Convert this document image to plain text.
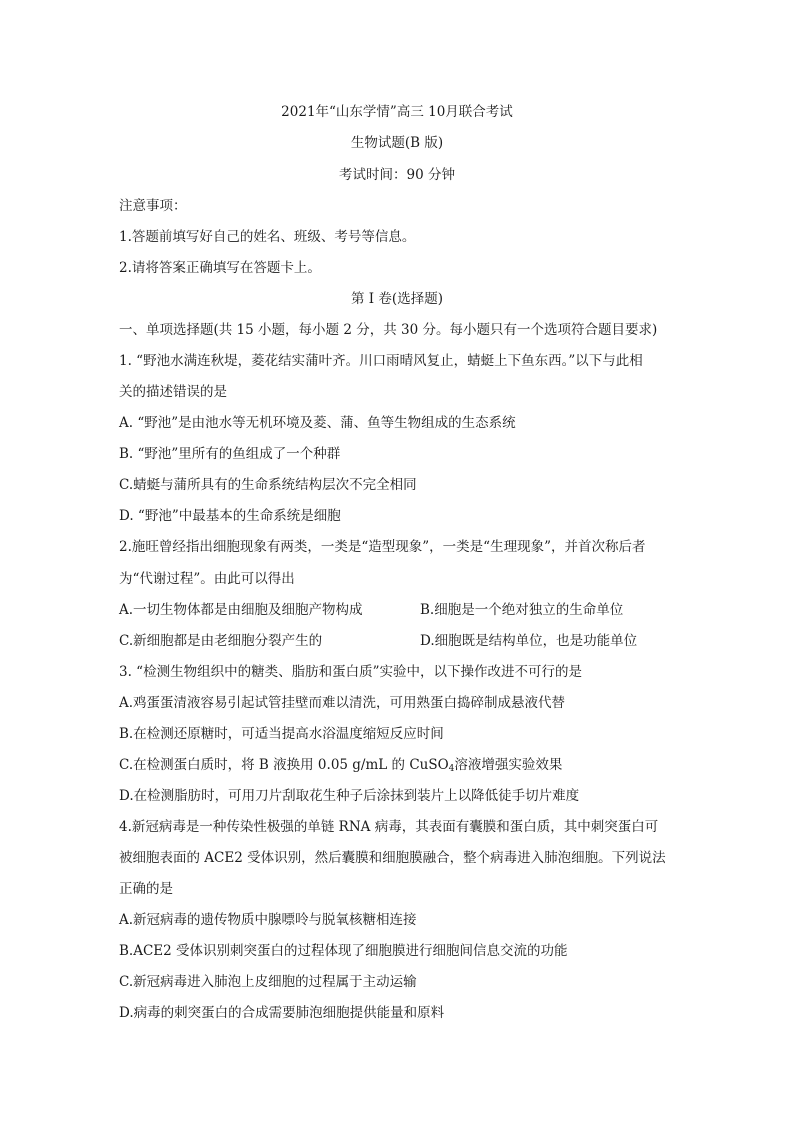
2021年“山东学情”高三 10月联合考试
生物试题(B 版)
考试时间：90 分钟
注意事项：
1.答题前填写好自己的姓名、班级、考号等信息。
2.请将答案正确填写在答题卡上。
第 I 卷(选择题)
一、单项选择题(共 15 小题，每小题 2 分，共 30 分。每小题只有一个选项符合题目要求)
1. “野池水满连秋堤，菱花结实蒲叶齐。川口雨晴风复止，蜻蜓上下鱼东西。”以下与此相
关的描述错误的是
A. “野池”是由池水等无机环境及菱、蒲、鱼等生物组成的生态系统
B. “野池”里所有的鱼组成了一个种群
C.蜻蜓与蒲所具有的生命系统结构层次不完全相同
D. “野池”中最基本的生命系统是细胞
2.施旺曾经指出细胞现象有两类，一类是“造型现象”，一类是“生理现象”，并首次称后者
为“代谢过程”。由此可以得出
A.一切生物体都是由细胞及细胞产物构成	B.细胞是一个绝对独立的生命单位
C.新细胞都是由老细胞分裂产生的	D.细胞既是结构单位，也是功能单位
3. “检测生物组织中的糖类、脂肪和蛋白质”实验中，以下操作改进不可行的是
A.鸡蛋蛋清液容易引起试管挂壁而难以清洗，可用熟蛋白捣碎制成悬液代替
B.在检测还原糖时，可适当提高水浴温度缩短反应时间
C.在检测蛋白质时，将 B 液换用 0.05 g/mL 的 CuSO$_4$溶液增强实验效果
D.在检测脂肪时，可用刀片刮取花生种子后涂抹到装片上以降低徒手切片难度
4.新冠病毒是一种传染性极强的单链 RNA 病毒，其表面有囊膜和蛋白质，其中刺突蛋白可
被细胞表面的 ACE2 受体识别，然后囊膜和细胞膜融合，整个病毒进入肺泡细胞。下列说法
正确的是
A.新冠病毒的遗传物质中腺嘌呤与脱氧核糖相连接
B.ACE2 受体识别刺突蛋白的过程体现了细胞膜进行细胞间信息交流的功能
C.新冠病毒进入肺泡上皮细胞的过程属于主动运输
D.病毒的刺突蛋白的合成需要肺泡细胞提供能量和原料
